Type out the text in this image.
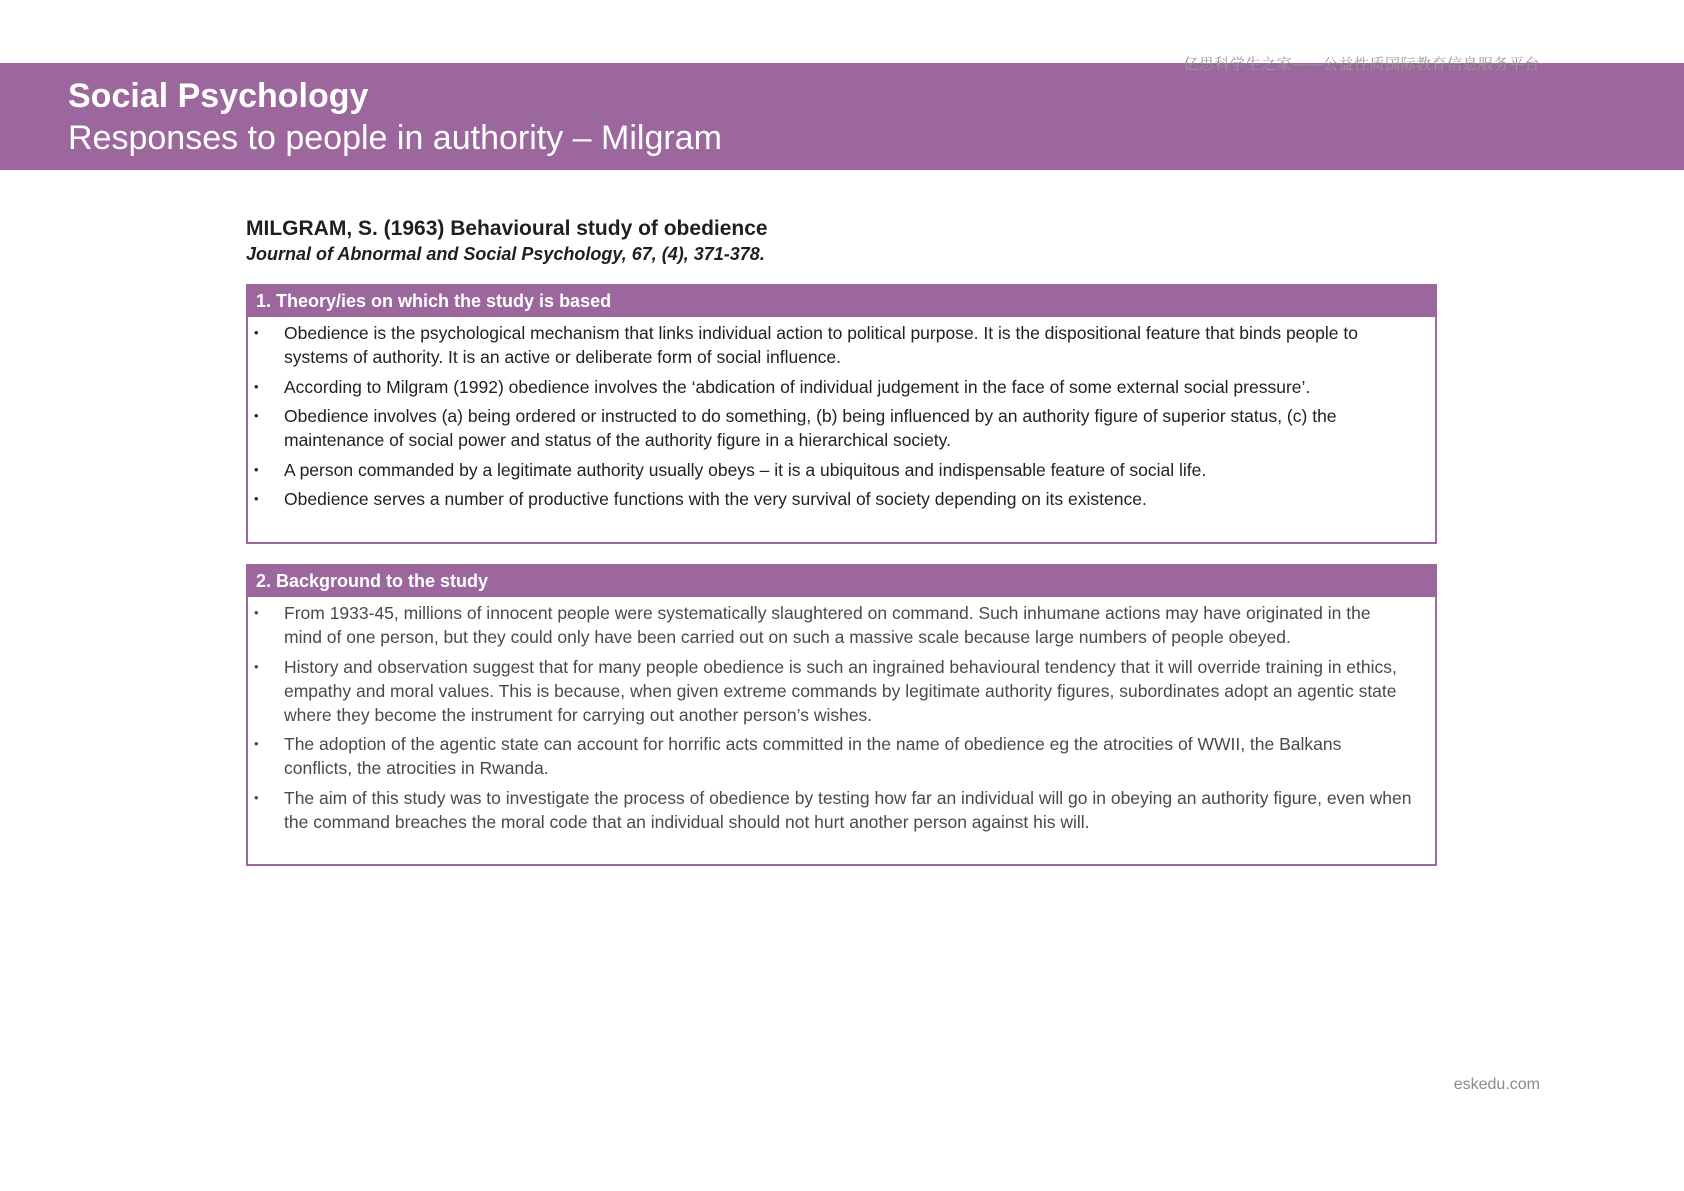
亿思科学生之家——公益性质国际教育信息服务平台
Social Psychology
Responses to people in authority – Milgram
MILGRAM, S. (1963) Behavioural study of obedience
Journal of Abnormal and Social Psychology, 67, (4), 371-378.
1. Theory/ies on which the study is based
• Obedience is the psychological mechanism that links individual action to political purpose. It is the dispositional feature that binds people to systems of authority. It is an active or deliberate form of social influence.
• According to Milgram (1992) obedience involves the ‘abdication of individual judgement in the face of some external social pressure’.
• Obedience involves (a) being ordered or instructed to do something, (b) being influenced by an authority figure of superior status, (c) the maintenance of social power and status of the authority figure in a hierarchical society.
• A person commanded by a legitimate authority usually obeys – it is a ubiquitous and indispensable feature of social life.
• Obedience serves a number of productive functions with the very survival of society depending on its existence.
2. Background to the study
• From 1933-45, millions of innocent people were systematically slaughtered on command. Such inhumane actions may have originated in the mind of one person, but they could only have been carried out on such a massive scale because large numbers of people obeyed.
• History and observation suggest that for many people obedience is such an ingrained behavioural tendency that it will override training in ethics, empathy and moral values. This is because, when given extreme commands by legitimate authority figures, subordinates adopt an agentic state where they become the instrument for carrying out another person’s wishes.
• The adoption of the agentic state can account for horrific acts committed in the name of obedience eg the atrocities of WWII, the Balkans conflicts, the atrocities in Rwanda.
• The aim of this study was to investigate the process of obedience by testing how far an individual will go in obeying an authority figure, even when the command breaches the moral code that an individual should not hurt another person against his will.
eskedu.com
